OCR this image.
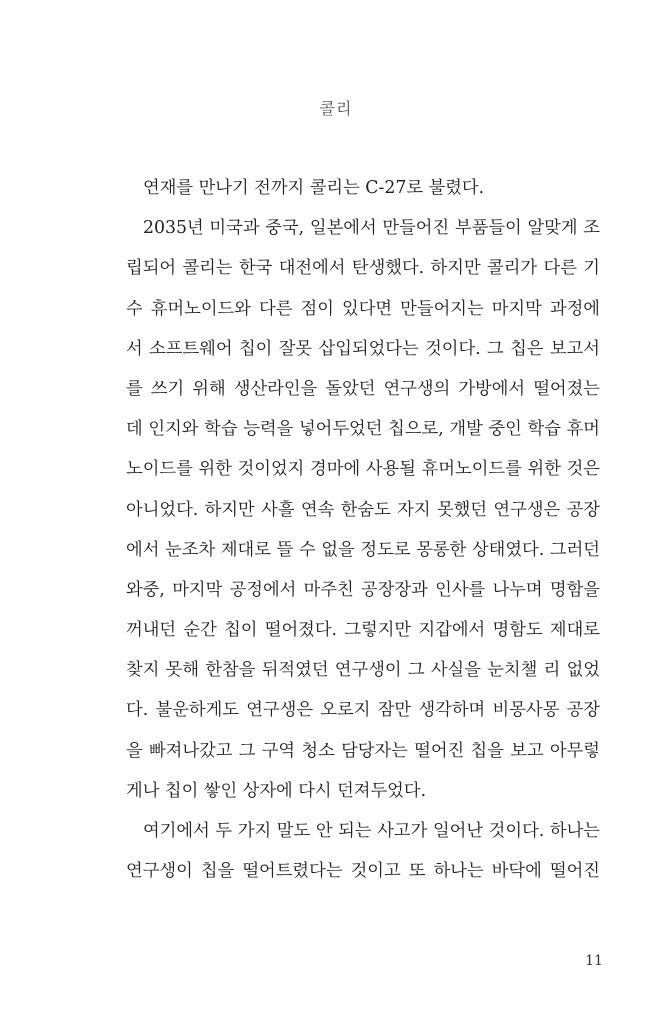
콜리
연재를 만나기 전까지 콜리는 C-27로 불렸다.
2035년 미국과 중국, 일본에서 만들어진 부품들이 알맞게 조
립되어 콜리는 한국 대전에서 탄생했다. 하지만 콜리가 다른 기
수 휴머노이드와 다른 점이 있다면 만들어지는 마지막 과정에
서 소프트웨어 칩이 잘못 삽입되었다는 것이다. 그 칩은 보고서
를 쓰기 위해 생산라인을 돌았던 연구생의 가방에서 떨어졌는
데 인지와 학습 능력을 넣어두었던 칩으로, 개발 중인 학습 휴머
노이드를 위한 것이었지 경마에 사용될 휴머노이드를 위한 것은
아니었다. 하지만 사흘 연속 한숨도 자지 못했던 연구생은 공장
에서 눈조차 제대로 뜰 수 없을 정도로 몽롱한 상태였다. 그러던
와중, 마지막 공정에서 마주친 공장장과 인사를 나누며 명함을
꺼내던 순간 칩이 떨어졌다. 그렇지만 지갑에서 명함도 제대로
찾지 못해 한참을 뒤적였던 연구생이 그 사실을 눈치챌 리 없었
다. 불운하게도 연구생은 오로지 잠만 생각하며 비몽사몽 공장
을 빠져나갔고 그 구역 청소 담당자는 떨어진 칩을 보고 아무렇
게나 칩이 쌓인 상자에 다시 던져두었다.
여기에서 두 가지 말도 안 되는 사고가 일어난 것이다. 하나는
연구생이 칩을 떨어트렸다는 것이고 또 하나는 바닥에 떨어진
11
